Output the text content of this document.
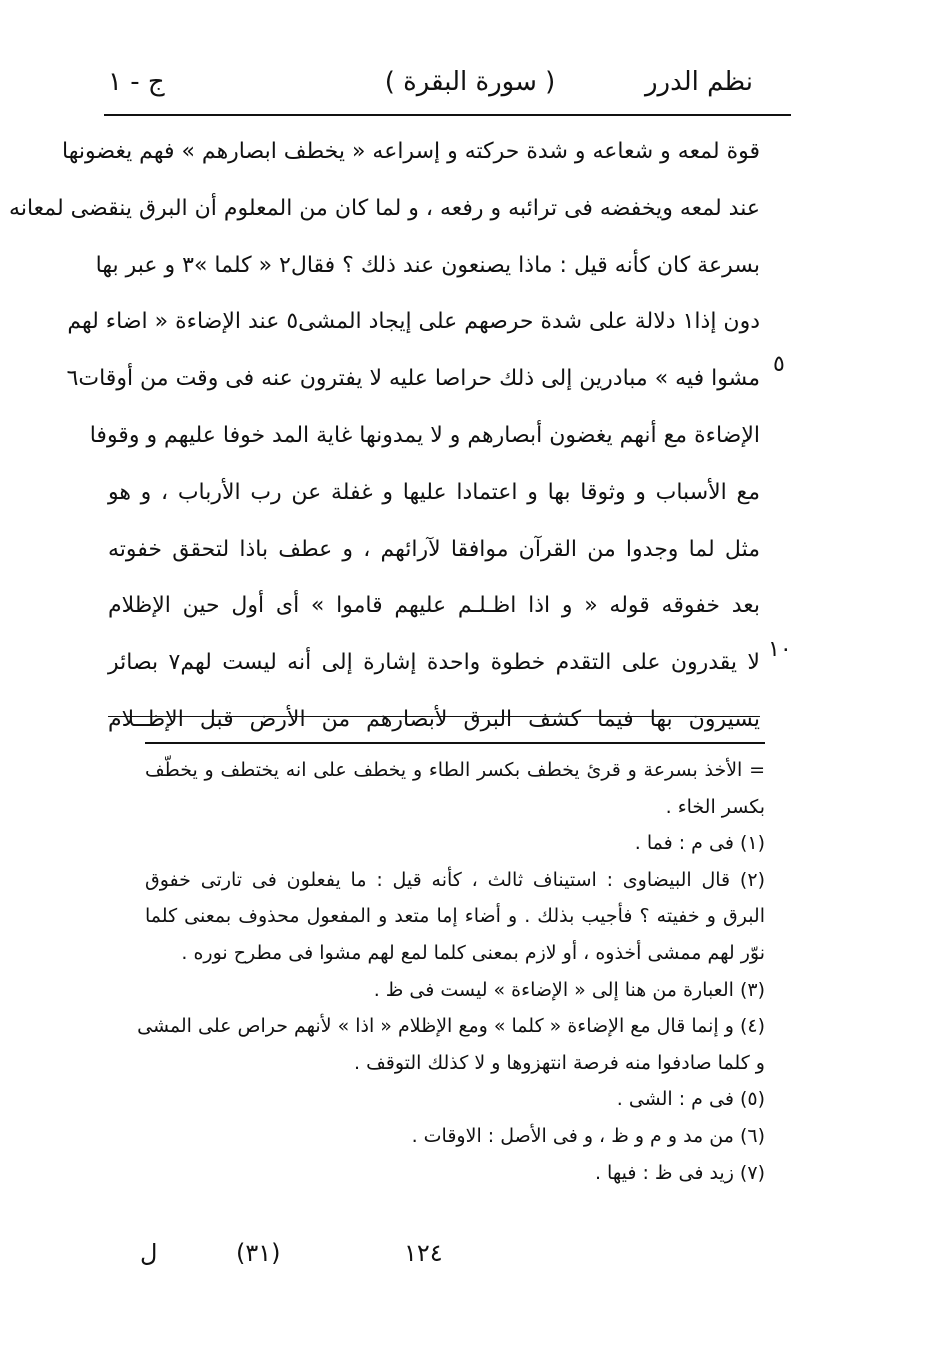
نظم الدرر
( سورة البقرة )
ج - ١
قوة لمعه و شعاعه و شدة حركته و إسراعه « يخطف ابصارهم » فهم يغضونها
عند لمعه ويخفضه فى ترائبه و رفعه ، و لما كان من المعلوم أن البرق ينقضى لمعانه
بسرعة كان كأنه قيل : ماذا يصنعون عند ذلك ؟ فقال٢ « كلما »٣ و عبر بها
دون إذا١ دلالة على شدة حرصهم على إيجاد المشى٥ عند الإضاءة « اضاء لهم
مشوا فيه » مبادرين إلى ذلك حراصا عليه لا يفترون عنه فى وقت من أوقات٦
الإضاءة مع أنهم يغضون أبصارهم و لا يمدونها غاية المد خوفا عليهم و وقوفا
مع الأسباب و وثوقا بها و اعتمادا عليها و غفلة عن رب الأرباب ، و هو
مثل لما وجدوا من القرآن موافقا لآرائهم ، و عطف باذا لتحقق خفوته
بعد خفوقه قوله « و اذا اظـلـم عليهم قاموا » أى أول حين الإظلام
لا يقدرون على التقدم خطوة واحدة إشارة إلى أنه ليست لهم٧ بصائر
يسيرون بها فيما كشف البرق لأبصارهم من الأرض قبل الإظــلام
٥
١٠
= الأخذ بسرعة و قرئ يخطف بكسر الطاء و يخطف على انه يختطف و يخطّف
بكسر الخاء .
(١) فى م : فما .
(٢) قال البيضاوى : استيناف ثالث ، كأنه قيل : ما يفعلون فى تارتى خفوق
البرق و خفيته ؟ فأجيب بذلك . و أضاء إما متعد و المفعول محذوف بمعنى كلما
نوّر لهم ممشى أخذوه ، أو لازم بمعنى كلما لمع لهم مشوا فى مطرح نوره .
(٣) العبارة من هنا إلى « الإضاءة » ليست فى ظ .
(٤) و إنما قال مع الإضاءة « كلما » ومع الإظلام « اذا » لأنهم حراص على المشى
و كلما صادفوا منه فرصة انتهزوها و لا كذلك التوقف .
(٥) فى م : الشى .
(٦) من مد و م و ظ ، و فى الأصل : الاوقات .
(٧) زيد فى ظ : فيها .
١٢٤
(٣١)
ل
